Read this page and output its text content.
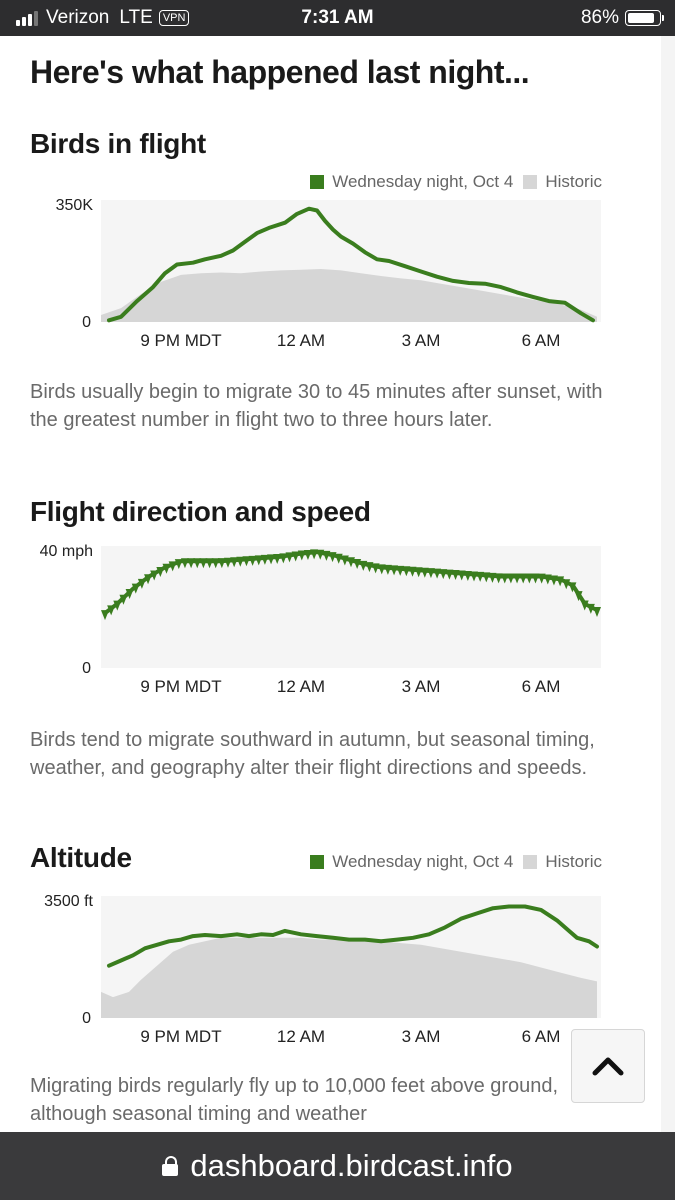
Verizon LTE VPN	7:31 AM	86%
Here's what happened last night...
Birds in flight
Wednesday night, Oct 4 Historic
350K
0
9 PM MDT	12 AM	3 AM	6 AM

Birds usually begin to migrate 30 to 45 minutes after sunset, with the greatest number in flight two to three hours later.

Flight direction and speed
40 mph
0
9 PM MDT	12 AM	3 AM	6 AM

Birds tend to migrate southward in autumn, but seasonal timing, weather, and geography alter their flight directions and speeds.

Altitude	Wednesday night, Oct 4 Historic
3500 ft
0
9 PM MDT	12 AM	3 AM	6 AM

Migrating birds regularly fly up to 10,000 feet above ground, although seasonal timing and weather

dashboard.birdcast.info
